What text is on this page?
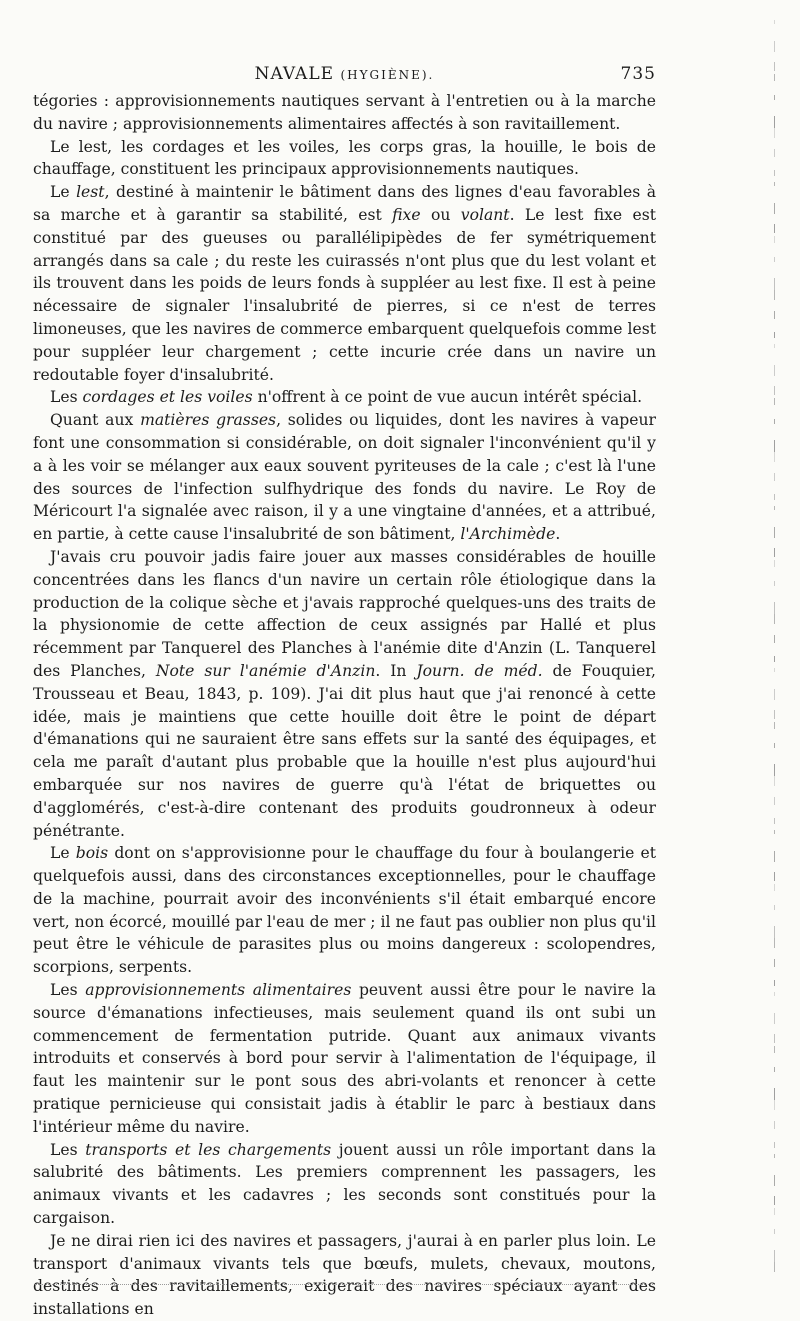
NAVALE (HYGIÈNE).	735

tégories : approvisionnements nautiques servant à l'entretien ou à la marche du navire ; approvisionnements alimentaires affectés à son ravitaillement.

Le lest, les cordages et les voiles, les corps gras, la houille, le bois de chauffage, constituent les principaux approvisionnements nautiques.

Le lest, destiné à maintenir le bâtiment dans des lignes d'eau favorables à sa marche et à garantir sa stabilité, est fixe ou volant. Le lest fixe est constitué par des gueuses ou parallélipipèdes de fer symétriquement arrangés dans sa cale ; du reste les cuirassés n'ont plus que du lest volant et ils trouvent dans les poids de leurs fonds à suppléer au lest fixe. Il est à peine nécessaire de signaler l'insalubrité de pierres, si ce n'est de terres limoneuses, que les navires de commerce embarquent quelquefois comme lest pour suppléer leur chargement ; cette incurie crée dans un navire un redoutable foyer d'insalubrité.

Les cordages et les voiles n'offrent à ce point de vue aucun intérêt spécial.

Quant aux matières grasses, solides ou liquides, dont les navires à vapeur font une consommation si considérable, on doit signaler l'inconvénient qu'il y a à les voir se mélanger aux eaux souvent pyriteuses de la cale ; c'est là l'une des sources de l'infection sulfhydrique des fonds du navire. Le Roy de Méricourt l'a signalée avec raison, il y a une vingtaine d'années, et a attribué, en partie, à cette cause l'insalubrité de son bâtiment, l'Archimède.

J'avais cru pouvoir jadis faire jouer aux masses considérables de houille concentrées dans les flancs d'un navire un certain rôle étiologique dans la production de la colique sèche et j'avais rapproché quelques-uns des traits de la physionomie de cette affection de ceux assignés par Hallé et plus récemment par Tanquerel des Planches à l'anémie dite d'Anzin (L. Tanquerel des Planches, Note sur l'anémie d'Anzin. In Journ. de méd. de Fouquier, Trousseau et Beau, 1843, p. 109). J'ai dit plus haut que j'ai renoncé à cette idée, mais je maintiens que cette houille doit être le point de départ d'émanations qui ne sauraient être sans effets sur la santé des équipages, et cela me paraît d'autant plus probable que la houille n'est plus aujourd'hui embarquée sur nos navires de guerre qu'à l'état de briquettes ou d'agglomérés, c'est-à-dire contenant des produits goudronneux à odeur pénétrante.

Le bois dont on s'approvisionne pour le chauffage du four à boulangerie et quelquefois aussi, dans des circonstances exceptionnelles, pour le chauffage de la machine, pourrait avoir des inconvénients s'il était embarqué encore vert, non écorcé, mouillé par l'eau de mer ; il ne faut pas oublier non plus qu'il peut être le véhicule de parasites plus ou moins dangereux : scolopendres, scorpions, serpents.

Les approvisionnements alimentaires peuvent aussi être pour le navire la source d'émanations infectieuses, mais seulement quand ils ont subi un commencement de fermentation putride. Quant aux animaux vivants introduits et conservés à bord pour servir à l'alimentation de l'équipage, il faut les maintenir sur le pont sous des abri-volants et renoncer à cette pratique pernicieuse qui consistait jadis à établir le parc à bestiaux dans l'intérieur même du navire.

Les transports et les chargements jouent aussi un rôle important dans la salubrité des bâtiments. Les premiers comprennent les passagers, les animaux vivants et les cadavres ; les seconds sont constitués pour la cargaison.

Je ne dirai rien ici des navires et passagers, j'aurai à en parler plus loin. Le transport d'animaux vivants tels que bœufs, mulets, chevaux, moutons, destinés à des ravitaillements, exigerait des navires spéciaux ayant des installations en
